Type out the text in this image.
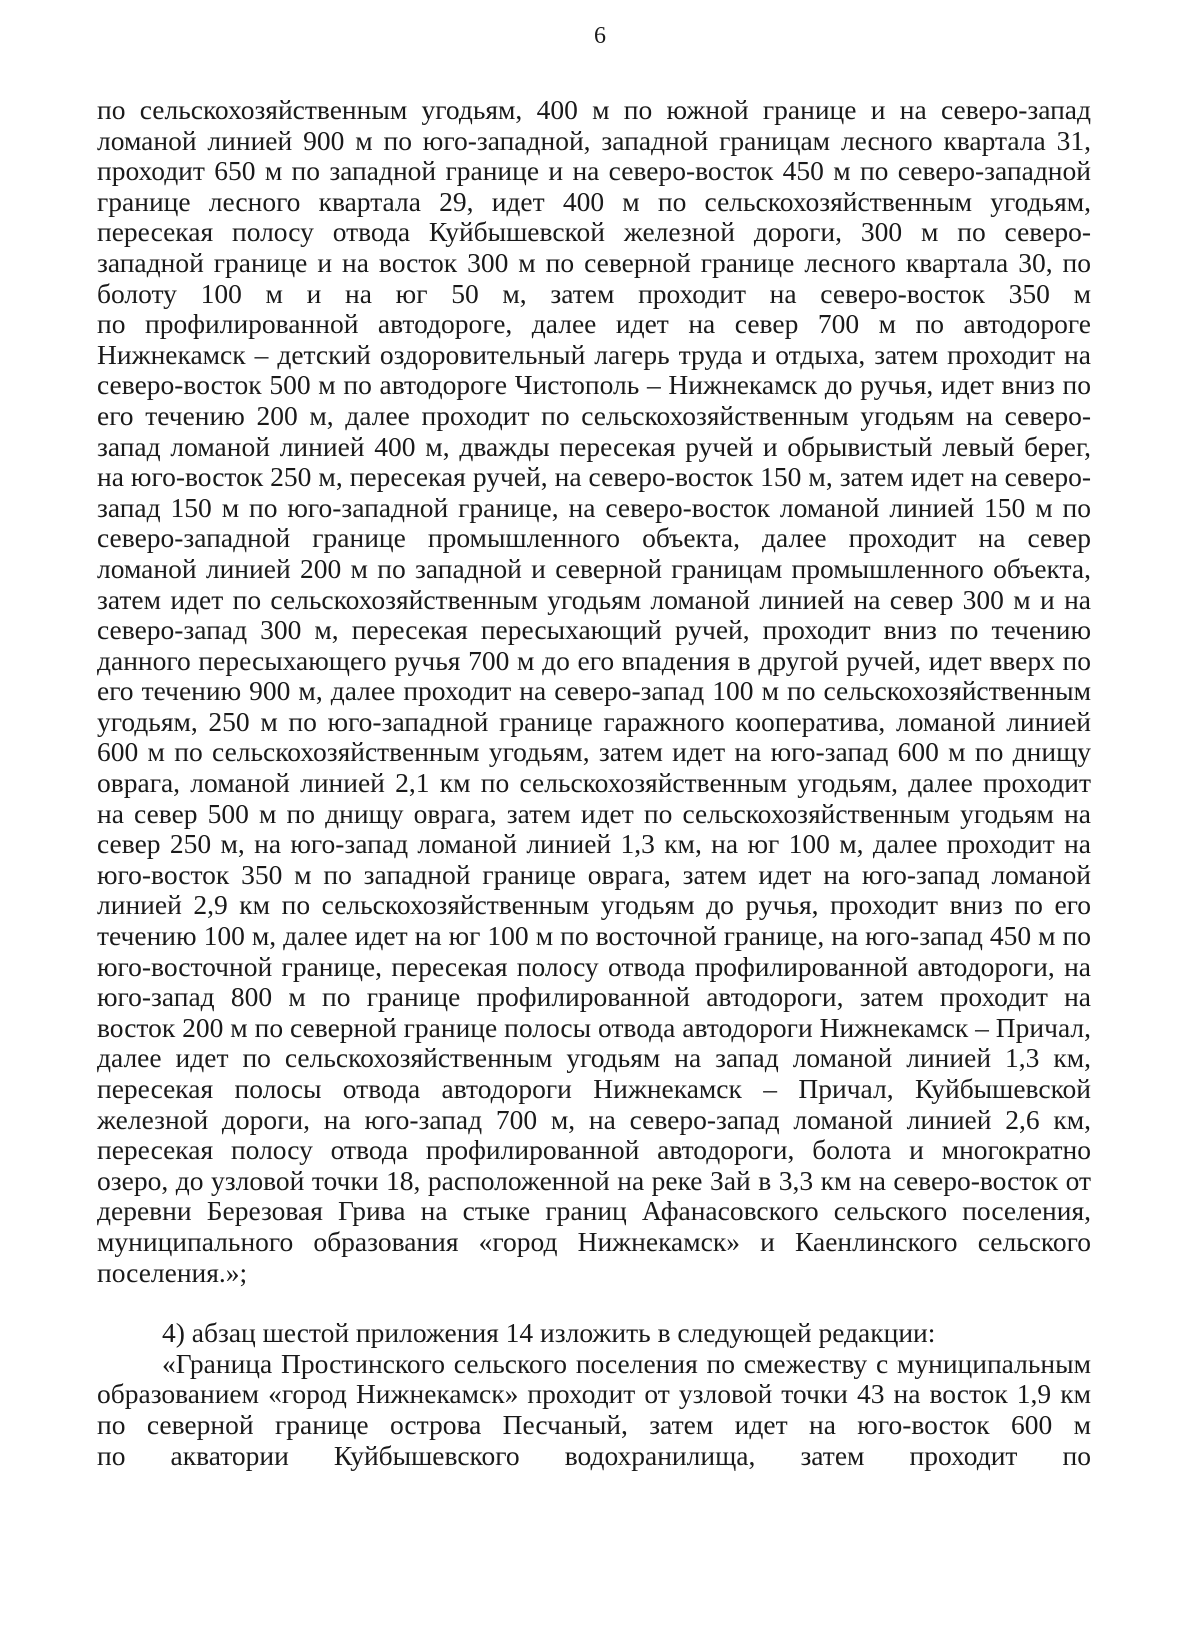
6
по сельскохозяйственным угодьям, 400 м по южной границе и на северо-запад
ломаной линией 900 м по юго-западной, западной границам лесного квартала 31,
проходит 650 м по западной границе и на северо-восток 450 м по северо-западной
границе лесного квартала 29, идет 400 м по сельскохозяйственным угодьям,
пересекая полосу отвода Куйбышевской железной дороги, 300 м по северо-
западной границе и на восток 300 м по северной границе лесного квартала 30, по
болоту 100 м и на юг 50 м, затем проходит на северо-восток 350 м
по профилированной автодороге, далее идет на север 700 м по автодороге
Нижнекамск – детский оздоровительный лагерь труда и отдыха, затем проходит на
северо-восток 500 м по автодороге Чистополь – Нижнекамск до ручья, идет вниз по
его течению 200 м, далее проходит по сельскохозяйственным угодьям на северо-
запад ломаной линией 400 м, дважды пересекая ручей и обрывистый левый берег,
на юго-восток 250 м, пересекая ручей, на северо-восток 150 м, затем идет на северо-
запад 150 м по юго-западной границе, на северо-восток ломаной линией 150 м по
северо-западной границе промышленного объекта, далее проходит на север
ломаной линией 200 м по западной и северной границам промышленного объекта,
затем идет по сельскохозяйственным угодьям ломаной линией на север 300 м и на
северо-запад 300 м, пересекая пересыхающий ручей, проходит вниз по течению
данного пересыхающего ручья 700 м до его впадения в другой ручей, идет вверх по
его течению 900 м, далее проходит на северо-запад 100 м по сельскохозяйственным
угодьям, 250 м по юго-западной границе гаражного кооператива, ломаной линией
600 м по сельскохозяйственным угодьям, затем идет на юго-запад 600 м по днищу
оврага, ломаной линией 2,1 км по сельскохозяйственным угодьям, далее проходит
на север 500 м по днищу оврага, затем идет по сельскохозяйственным угодьям на
север 250 м, на юго-запад ломаной линией 1,3 км, на юг 100 м, далее проходит на
юго-восток 350 м по западной границе оврага, затем идет на юго-запад ломаной
линией 2,9 км по сельскохозяйственным угодьям до ручья, проходит вниз по его
течению 100 м, далее идет на юг 100 м по восточной границе, на юго-запад 450 м по
юго-восточной границе, пересекая полосу отвода профилированной автодороги, на
юго-запад 800 м по границе профилированной автодороги, затем проходит на
восток 200 м по северной границе полосы отвода автодороги Нижнекамск – Причал,
далее идет по сельскохозяйственным угодьям на запад ломаной линией 1,3 км,
пересекая полосы отвода автодороги Нижнекамск – Причал, Куйбышевской
железной дороги, на юго-запад 700 м, на северо-запад ломаной линией 2,6 км,
пересекая полосу отвода профилированной автодороги, болота и многократно
озеро, до узловой точки 18, расположенной на реке Зай в 3,3 км на северо-восток от
деревни Березовая Грива на стыке границ Афанасовского сельского поселения,
муниципального образования «город Нижнекамск» и Каенлинского сельского
поселения.»;
4) абзац шестой приложения 14 изложить в следующей редакции:
«Граница Простинского сельского поселения по смежеству с муниципальным
образованием «город Нижнекамск» проходит от узловой точки 43 на восток 1,9 км
по северной границе острова Песчаный, затем идет на юго-восток 600 м
по акватории Куйбышевского водохранилища, затем проходит по
